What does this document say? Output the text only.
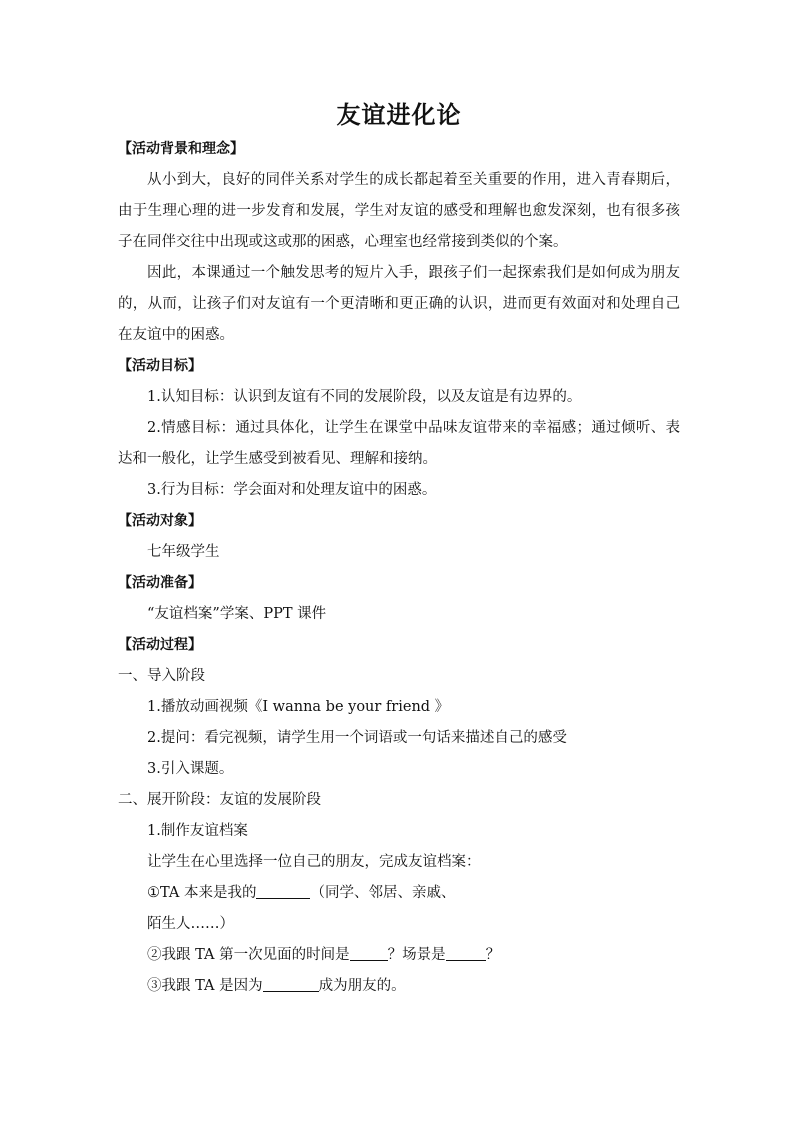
友谊进化论

【活动背景和理念】

从小到大，良好的同伴关系对学生的成长都起着至关重要的作用，进入青春期后，由于生理心理的进一步发育和发展，学生对友谊的感受和理解也愈发深刻，也有很多孩子在同伴交往中出现或这或那的困惑，心理室也经常接到类似的个案。

因此，本课通过一个触发思考的短片入手，跟孩子们一起探索我们是如何成为朋友的，从而，让孩子们对友谊有一个更清晰和更正确的认识，进而更有效面对和处理自己在友谊中的困惑。

【活动目标】

1.认知目标：认识到友谊有不同的发展阶段，以及友谊是有边界的。

2.情感目标：通过具体化，让学生在课堂中品味友谊带来的幸福感；通过倾听、表达和一般化，让学生感受到被看见、理解和接纳。

3.行为目标：学会面对和处理友谊中的困惑。

【活动对象】

七年级学生

【活动准备】

“友谊档案”学案、PPT 课件

【活动过程】

一、导入阶段

1.播放动画视频《I wanna be your friend 》

2.提问：看完视频，请学生用一个词语或一句话来描述自己的感受

3.引入课题。

二、展开阶段：友谊的发展阶段

1.制作友谊档案

让学生在心里选择一位自己的朋友，完成友谊档案：

①TA 本来是我的	（同学、邻居、亲戚、

陌生人……）

②我跟 TA 第一次见面的时间是	？场景是	？

③我跟 TA 是因为	成为朋友的。
